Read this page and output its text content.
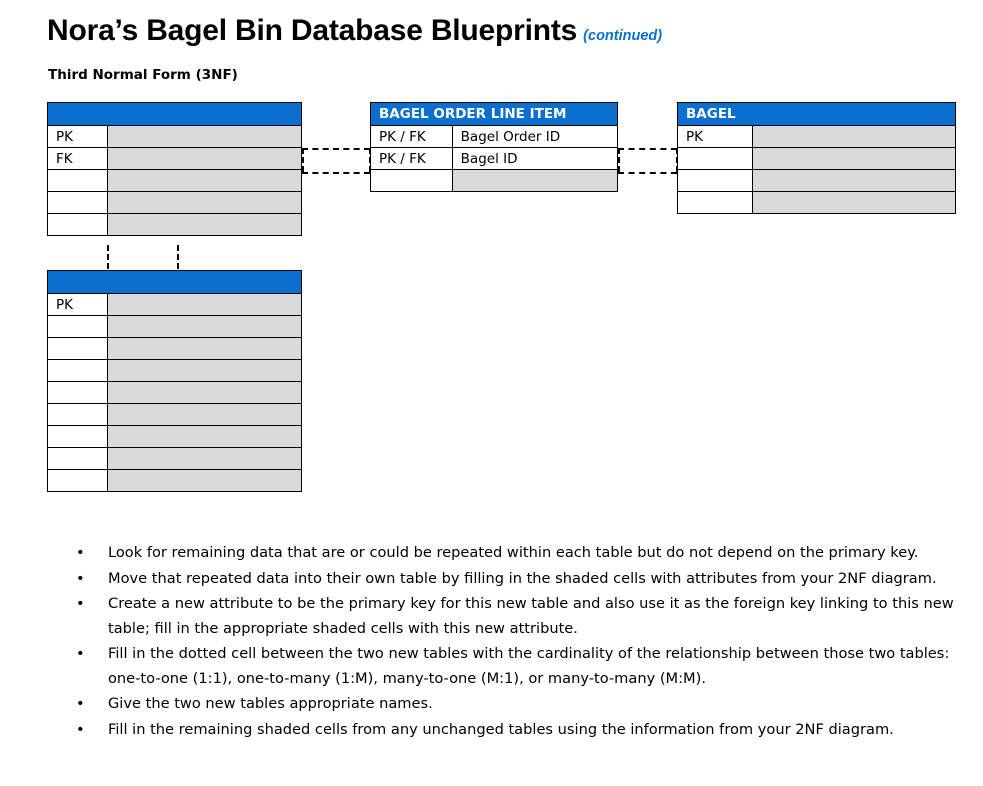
Nora’s Bagel Bin Database Blueprints (continued)
Third Normal Form (3NF)

PK	
FK	

PK	

BAGEL ORDER LINE ITEM	
PK / FK	Bagel Order ID
PK / FK	Bagel ID

BAGEL	
PK	

• Look for remaining data that are or could be repeated within each table but do not depend on the primary key.
• Move that repeated data into their own table by filling in the shaded cells with attributes from your 2NF diagram.
• Create a new attribute to be the primary key for this new table and also use it as the foreign key linking to this new table; fill in the appropriate shaded cells with this new attribute.
• Fill in the dotted cell between the two new tables with the cardinality of the relationship between those two tables: one-to-one (1:1), one-to-many (1:M), many-to-one (M:1), or many-to-many (M:M).
• Give the two new tables appropriate names.
• Fill in the remaining shaded cells from any unchanged tables using the information from your 2NF diagram.
